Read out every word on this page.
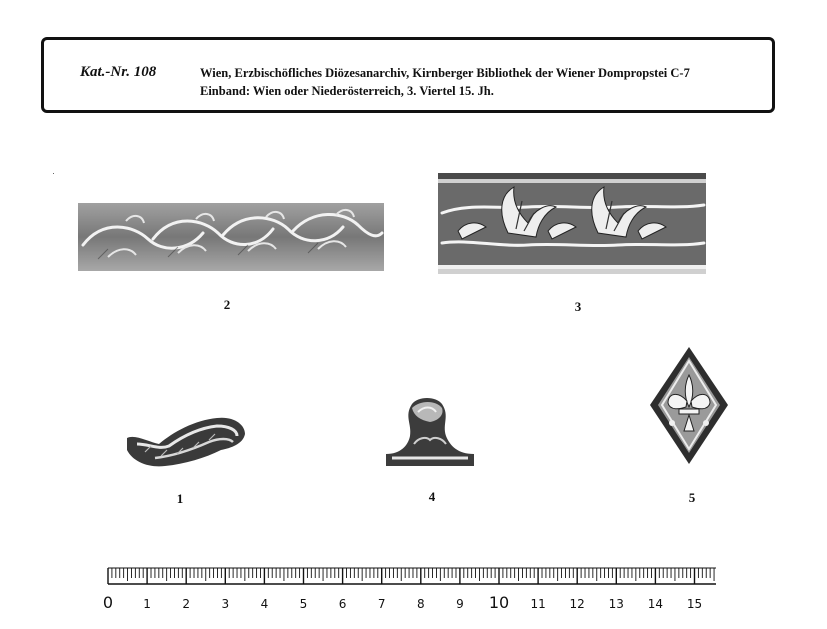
Kat.-Nr. 108	Wien, Erzbischöfliches Diözesanarchiv, Kirnberger Bibliothek der Wiener Dompropstei C-7
Einband: Wien oder Niederösterreich, 3. Viertel 15. Jh.
2	3
1	4	5
0	1	2	3	4	5	6	7	8	9 10 11 12 13 14 15
